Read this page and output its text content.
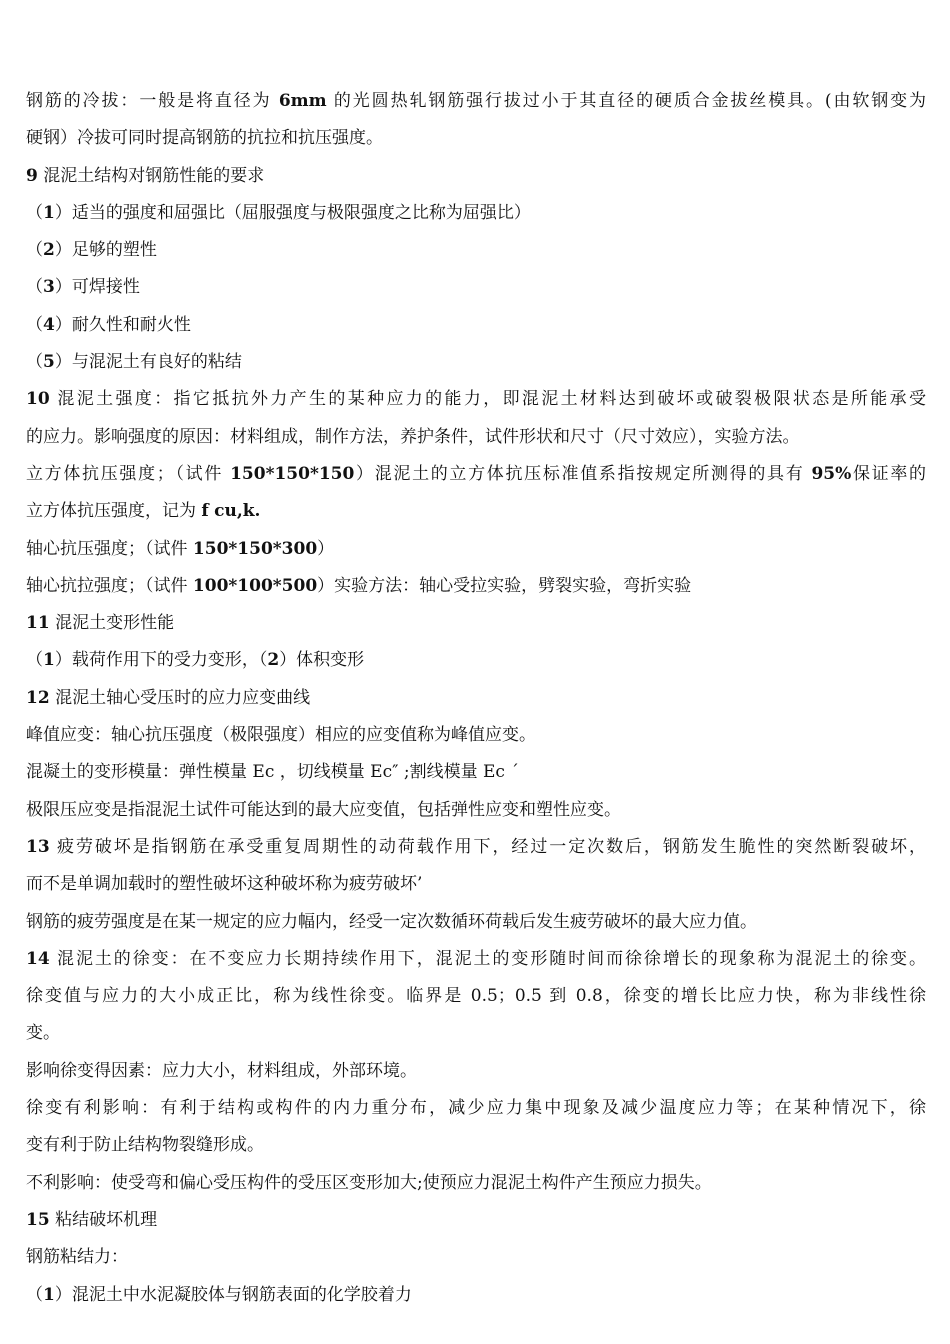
钢筋的冷拔：一般是将直径为 6mm 的光圆热轧钢筋强行拔过小于其直径的硬质合金拔丝模具。(由软钢变为
硬钢）冷拔可同时提高钢筋的抗拉和抗压强度。
9 混泥土结构对钢筋性能的要求
（1）适当的强度和屈强比（屈服强度与极限强度之比称为屈强比）
（2）足够的塑性
（3）可焊接性
（4）耐久性和耐火性
（5）与混泥土有良好的粘结
10 混泥土强度：指它抵抗外力产生的某种应力的能力，即混泥土材料达到破坏或破裂极限状态是所能承受
的应力。影响强度的原因：材料组成，制作方法，养护条件，试件形状和尺寸（尺寸效应），实验方法。
立方体抗压强度；（试件 150*150*150）混泥土的立方体抗压标准值系指按规定所测得的具有 95%保证率的
立方体抗压强度，记为 f cu,k.
轴心抗压强度；（试件 150*150*300）
轴心抗拉强度；（试件 100*100*500）实验方法：轴心受拉实验，劈裂实验，弯折实验
11 混泥土变形性能
（1）载荷作用下的受力变形，（2）体积变形
12 混泥土轴心受压时的应力应变曲线
峰值应变：轴心抗压强度（极限强度）相应的应变值称为峰值应变。
混凝土的变形模量：弹性模量 Ec ，切线模量 Ec″ ;割线模量 Ec ´
极限压应变是指混泥土试件可能达到的最大应变值，包括弹性应变和塑性应变。
13 疲劳破坏是指钢筋在承受重复周期性的动荷载作用下，经过一定次数后，钢筋发生脆性的突然断裂破坏，
而不是单调加载时的塑性破坏这种破坏称为疲劳破坏’
钢筋的疲劳强度是在某一规定的应力幅内，经受一定次数循环荷载后发生疲劳破坏的最大应力值。
14 混泥土的徐变：在不变应力长期持续作用下，混泥土的变形随时间而徐徐增长的现象称为混泥土的徐变。
徐变值与应力的大小成正比，称为线性徐变。临界是 0.5；0.5 到 0.8，徐变的增长比应力快，称为非线性徐
变。
影响徐变得因素：应力大小，材料组成，外部环境。
徐变有利影响：有利于结构或构件的内力重分布，减少应力集中现象及减少温度应力等；在某种情况下，徐
变有利于防止结构物裂缝形成。
不利影响：使受弯和偏心受压构件的受压区变形加大;使预应力混泥土构件产生预应力损失。
15 粘结破坏机理
钢筋粘结力：
（1）混泥土中水泥凝胶体与钢筋表面的化学胶着力
